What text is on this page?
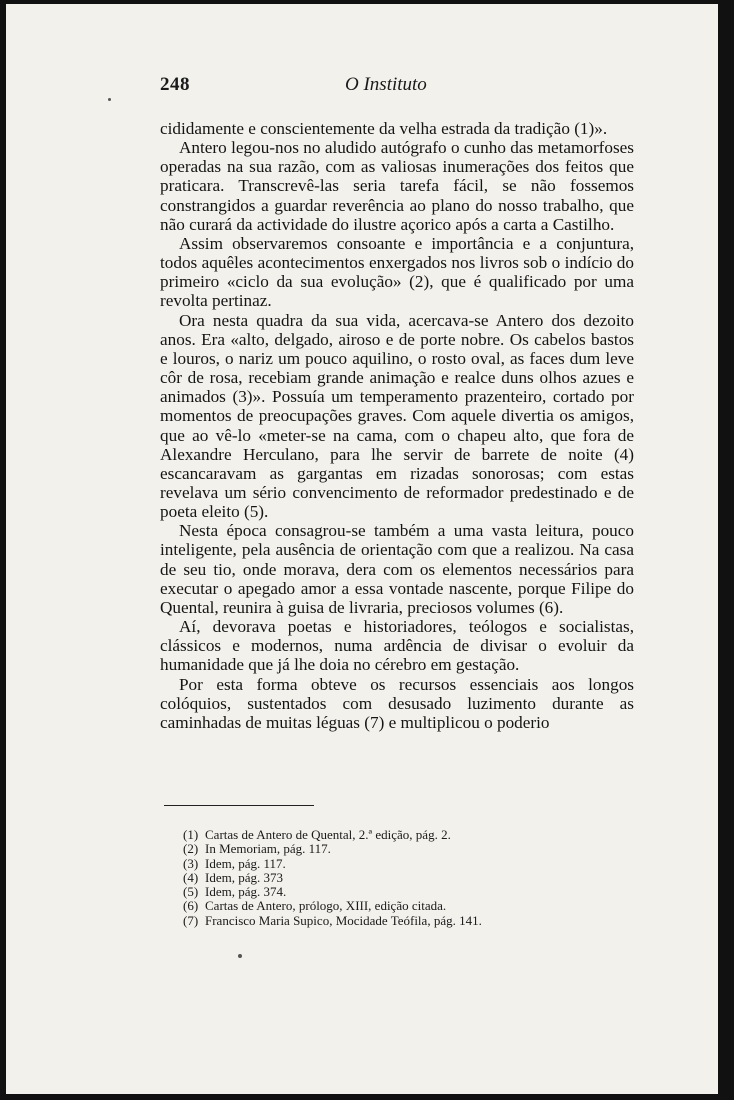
248	O Instituto

cididamente e conscientemente da velha estrada da tradição (1)».

Antero legou-nos no aludido autógrafo o cunho das metamorfoses operadas na sua razão, com as valiosas inumerações dos feitos que praticara. Transcrevê-las seria tarefa fácil, se não fossemos constrangidos a guardar reverência ao plano do nosso trabalho, que não curará da actividade do ilustre açorico após a carta a Castilho.

Assim observaremos consoante e importância e a conjuntura, todos aquêles acontecimentos enxergados nos livros sob o indício do primeiro «ciclo da sua evolução» (2), que é qualificado por uma revolta pertinaz.

Ora nesta quadra da sua vida, acercava-se Antero dos dezoito anos. Era «alto, delgado, airoso e de porte nobre. Os cabelos bastos e louros, o nariz um pouco aquilino, o rosto oval, as faces dum leve côr de rosa, recebiam grande animação e realce duns olhos azues e animados (3)». Possuía um temperamento prazenteiro, cortado por momentos de preocupações graves. Com aquele divertia os amigos, que ao vê-lo «meter-se na cama, com o chapeu alto, que fora de Alexandre Herculano, para lhe servir de barrete de noite (4) escancaravam as gargantas em rizadas sonorosas; com estas revelava um sério convencimento de reformador predestinado e de poeta eleito (5).

Nesta época consagrou-se também a uma vasta leitura, pouco inteligente, pela ausência de orientação com que a realizou. Na casa de seu tio, onde morava, dera com os elementos necessários para executar o apegado amor a essa vontade nascente, porque Filipe do Quental, reunira à guisa de livraria, preciosos volumes (6).

Aí, devorava poetas e historiadores, teólogos e socialistas, clássicos e modernos, numa ardência de divisar o evoluir da humanidade que já lhe doia no cérebro em gestação.

Por esta forma obteve os recursos essenciais aos longos colóquios, sustentados com desusado luzimento durante as caminhadas de muitas léguas (7) e multiplicou o poderio

(1) Cartas de Antero de Quental, 2.ª edição, pág. 2.
(2) In Memoriam, pág. 117.
(3) Idem, pág. 117.
(4) Idem, pág. 373
(5) Idem, pág. 374.
(6) Cartas de Antero, prólogo, XIII, edição citada.
(7) Francisco Maria Supico, Mocidade Teófila, pág. 141.
